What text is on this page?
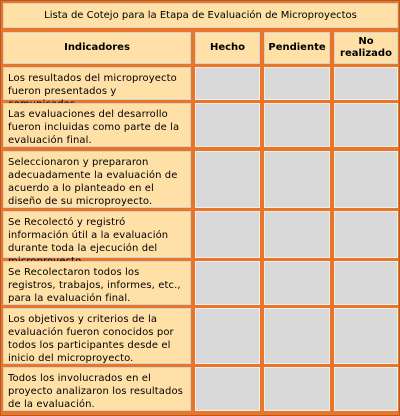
Lista de Cotejo para la Etapa de Evaluación de Microproyectos
Indicadores	Hecho	Pendiente
No realizado
Los resultados del microproyecto fueron presentados y
Las evaluaciones del desarrollo fueron incluidas como parte de la evaluación final.
Seleccionaron y prepararon adecuadamente la evaluación de acuerdo a lo planteado en el diseño de su microproyecto.
Se Recolectó y registró información útil a la evaluación durante toda la ejecución del
Se Recolectaron todos los registros, trabajos, informes, etc., para la evaluación final.
Los objetivos y criterios de la evaluación fueron conocidos por todos los participantes desde el inicio del microproyecto.
Todos los involucrados en el proyecto analizaron los resultados de la evaluación.
